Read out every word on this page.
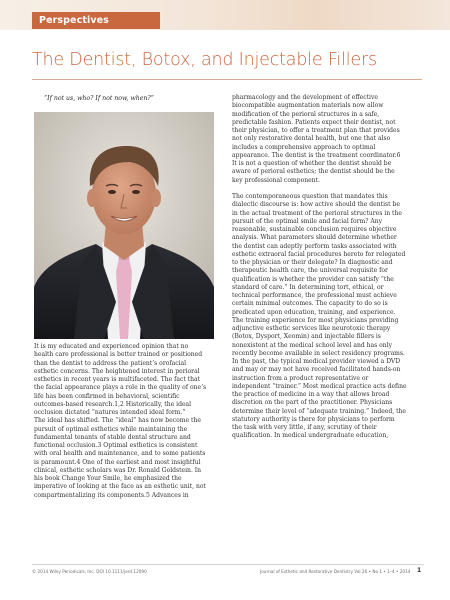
Perspectives
The Dentist, Botox, and Injectable Fillers
“If not us, who? If not now, when?”

It is my educated and experienced opinion that no

health care professional is better trained or positioned

than the dentist to address the patient’s orofacial

esthetic concerns. The heightened interest in perioral

esthetics in recent years is multifaceted. The fact that

the facial appearance plays a role in the quality of one’s

life has been confirmed in behavioral, scientific

outcomes-based research.1,2 Historically, the ideal

occlusion dictated “natures intended ideal form.”

The ideal has shifted. The “ideal” has now become the

pursuit of optimal esthetics while maintaining the

fundamental tenants of stable dental structure and

functional occlusion.3 Optimal esthetics is consistent

with oral health and maintenance, and to some patients

is paramount.4 One of the earliest and most insightful

clinical, esthetic scholars was Dr. Ronald Goldstein. In

his book Change Your Smile, he emphasized the

imperative of looking at the face as an esthetic unit, not

compartmentalizing its components.5 Advances in

pharmacology and the development of effective

biocompatible augmentation materials now allow

modification of the perioral structures in a safe,

predictable fashion. Patients expect their dentist, not

their physician, to offer a treatment plan that provides

not only restorative dental health, but one that also

includes a comprehensive approach to optimal

appearance. The dentist is the treatment coordinator.6

It is not a question of whether the dentist should be

aware of perioral esthetics; the dentist should be the

key professional component.

The contemporaneous question that mandates this

dialectic discourse is: how active should the dentist be

in the actual treatment of the perioral structures in the

pursuit of the optimal smile and facial form? Any

reasonable, sustainable conclusion requires objective

analysis. What parameters should determine whether

the dentist can adeptly perform tasks associated with

esthetic extraoral facial procedures hereto for relegated

to the physician or their delegate? In diagnostic and

therapeutic health care, the universal requisite for

qualification is whether the provider can satisfy “the

standard of care.” In determining tort, ethical, or

technical performance, the professional must achieve

certain minimal outcomes. The capacity to do so is

predicated upon education, training, and experience.

The training experience for most physicians providing

adjunctive esthetic services like neurotoxic therapy

(Botox, Dysport, Xeomin) and injectable fillers is

nonexistent at the medical school level and has only

recently become available in select residency programs.

In the past, the typical medical provider viewed a DVD

and may or may not have received facilitated hands-on

instruction from a product representative or

independent “trainer.” Most medical practice acts define

the practice of medicine in a way that allows broad

discretion on the part of the practitioner. Physicians

determine their level of “adequate training.” Indeed, the

statutory authority is there for physicians to perform

the task with very little, if any, scrutiny of their

qualification. In medical undergraduate education,

© 2014 Wiley Periodicals, Inc. DOI 10.1111/jerd.12090	Journal of Esthetic and Restorative Dentistry Vol 26 • No 1 • 1–4 • 2014 1
